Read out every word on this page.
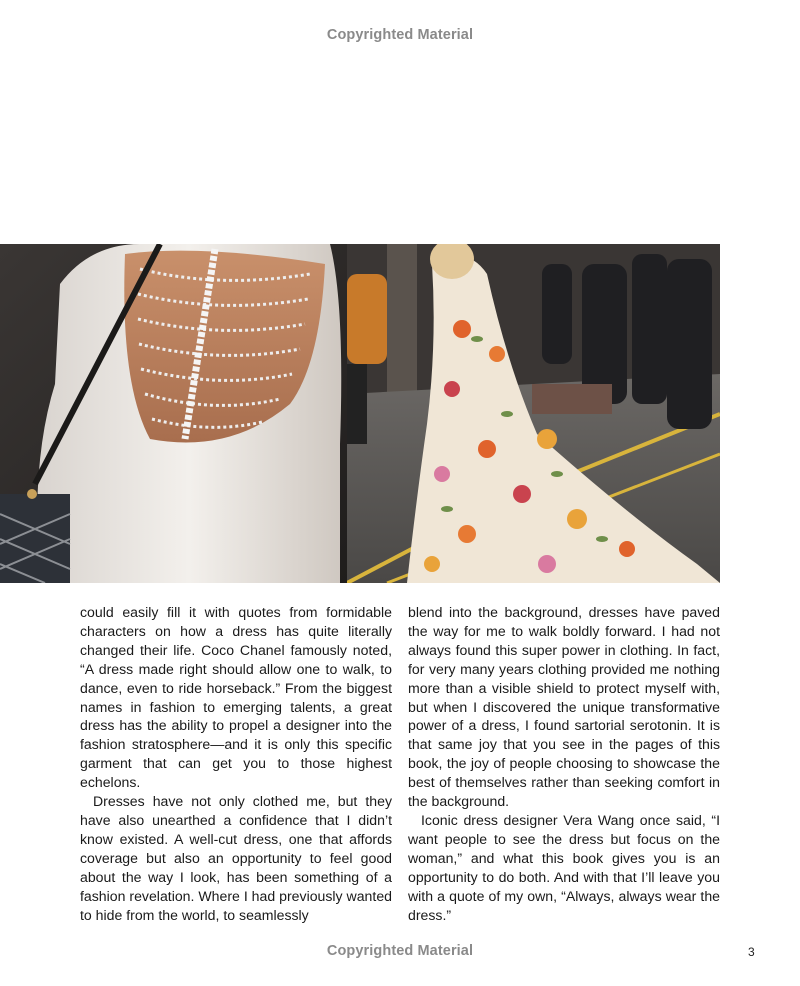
Copyrighted Material

could easily fill it with quotes from formidable characters on how a dress has quite literally changed their life. Coco Chanel famously noted, “A dress made right should allow one to walk, to dance, even to ride horseback.” From the biggest names in fashion to emerging talents, a great dress has the ability to propel a designer into the fashion stratosphere—and it is only this specific garment that can get you to those highest echelons.

Dresses have not only clothed me, but they have also unearthed a confidence that I didn’t know existed. A well-cut dress, one that affords coverage but also an opportunity to feel good about the way I look, has been something of a fashion revelation. Where I had previously wanted to hide from the world, to seamlessly

blend into the background, dresses have paved the way for me to walk boldly forward. I had not always found this super power in clothing. In fact, for very many years clothing provided me nothing more than a visible shield to protect myself with, but when I discovered the unique transformative power of a dress, I found sartorial serotonin. It is that same joy that you see in the pages of this book, the joy of people choosing to showcase the best of themselves rather than seeking comfort in the background.

Iconic dress designer Vera Wang once said, “I want people to see the dress but focus on the woman,” and what this book gives you is an opportunity to do both. And with that I’ll leave you with a quote of my own, “Always, always wear the dress.”

Copyrighted Material	3
